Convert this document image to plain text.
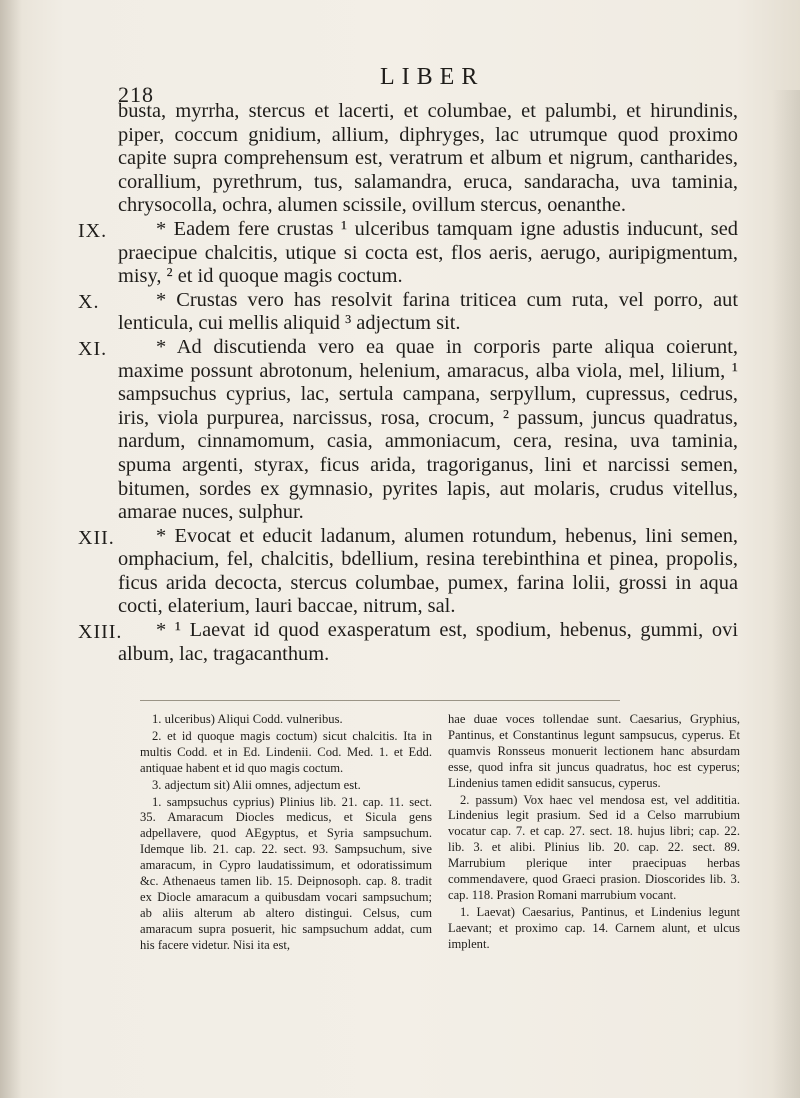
218
LIBER

busta, myrrha, stercus et lacerti, et columbae, et palumbi, et hirundinis, piper, coccum gnidium, allium, diphryges, lac utrumque quod proximo capite supra comprehensum est, veratrum et album et nigrum, cantharides, corallium, pyrethrum, tus, salamandra, eruca, sandaracha, uva taminia, chrysocolla, ochra, alumen scissile, ovillum stercus, oenanthe.

IX.	* Eadem fere crustas ¹ ulceribus tamquam igne adustis inducunt, sed praecipue chalcitis, utique si cocta est, flos aeris, aerugo, auripigmentum, misy, ² et id quoque magis coctum.

X.	* Crustas vero has resolvit farina triticea cum ruta, vel porro, aut lenticula, cui mellis aliquid ³ adjectum sit.

XI.	* Ad discutienda vero ea quae in corporis parte aliqua coierunt, maxime possunt abrotonum, helenium, amaracus, alba viola, mel, lilium, ¹ sampsuchus cyprius, lac, sertula campana, serpyllum, cupressus, cedrus, iris, viola purpurea, narcissus, rosa, crocum, ² passum, juncus quadratus, nardum, cinnamomum, casia, ammoniacum, cera, resina, uva taminia, spuma argenti, styrax, ficus arida, tragoriganus, lini et narcissi semen, bitumen, sordes ex gymnasio, pyrites lapis, aut molaris, crudus vitellus, amarae nuces, sulphur.

XII.	* Evocat et educit ladanum, alumen rotundum, hebenus, lini semen, omphacium, fel, chalcitis, bdellium, resina terebinthina et pinea, propolis, ficus arida decocta, stercus columbae, pumex, farina lolii, grossi in aqua cocti, elaterium, lauri baccae, nitrum, sal.

XIII.	* ¹ Laevat id quod exasperatum est, spodium, hebenus, gummi, ovi album, lac, tragacanthum.

1. ulceribus) Aliqui Codd. vulneribus.

2. et id quoque magis coctum) sicut chalcitis. Ita in multis Codd. et in Ed. Lindenii. Cod. Med. 1. et Edd. antiquae habent et id quo magis coctum.

3. adjectum sit) Alii omnes, adjectum est.

1. sampsuchus cyprius) Plinius lib. 21. cap. 11. sect. 35. Amaracum Diocles medicus, et Sicula gens adpellavere, quod AEgyptus, et Syria sampsuchum. Idemque lib. 21. cap. 22. sect. 93. Sampsuchum, sive amaracum, in Cypro laudatissimum, et odoratissimum &c. Athenaeus tamen lib. 15. Deipnosoph. cap. 8. tradit ex Diocle amaracum a quibusdam vocari sampsuchum; ab aliis alterum ab altero distingui. Celsus, cum amaracum supra posuerit, hic sampsuchum addat, cum his facere videtur. Nisi ita est,

hae duae voces tollendae sunt. Caesarius, Gryphius, Pantinus, et Constantinus legunt sampsucus, cyperus. Et quamvis Ronsseus monuerit lectionem hanc absurdam esse, quod infra sit juncus quadratus, hoc est cyperus; Lindenius tamen edidit sansucus, cyperus.

2. passum) Vox haec vel mendosa est, vel addititia. Lindenius legit prasium. Sed id a Celso marrubium vocatur cap. 7. et cap. 27. sect. 18. hujus libri; cap. 22. lib. 3. et alibi. Plinius lib. 20. cap. 22. sect. 89. Marrubium plerique inter praecipuas herbas commendavere, quod Graeci prasion. Dioscorides lib. 3. cap. 118. Prasion Romani marrubium vocant.

1. Laevat) Caesarius, Pantinus, et Lindenius legunt Laevant; et proximo cap. 14. Carnem alunt, et ulcus implent.
